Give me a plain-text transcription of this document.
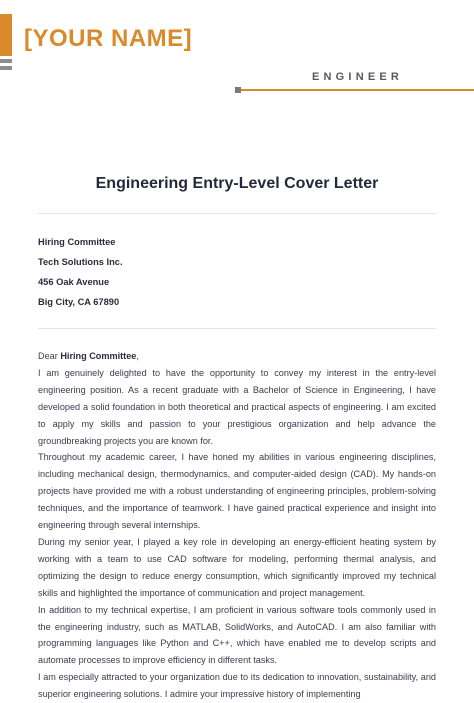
[YOUR NAME]
ENGINEER
Engineering Entry-Level Cover Letter
Hiring Committee
Tech Solutions Inc.
456 Oak Avenue
Big City, CA 67890

Dear Hiring Committee,

I am genuinely delighted to have the opportunity to convey my interest in the entry-level engineering position. As a recent graduate with a Bachelor of Science in Engineering, I have developed a solid foundation in both theoretical and practical aspects of engineering. I am excited to apply my skills and passion to your prestigious organization and help advance the groundbreaking projects you are known for.

Throughout my academic career, I have honed my abilities in various engineering disciplines, including mechanical design, thermodynamics, and computer-aided design (CAD). My hands-on projects have provided me with a robust understanding of engineering principles, problem-solving techniques, and the importance of teamwork. I have gained practical experience and insight into engineering through several internships.

During my senior year, I played a key role in developing an energy-efficient heating system by working with a team to use CAD software for modeling, performing thermal analysis, and optimizing the design to reduce energy consumption, which significantly improved my technical skills and highlighted the importance of communication and project management.

In addition to my technical expertise, I am proficient in various software tools commonly used in the engineering industry, such as MATLAB, SolidWorks, and AutoCAD. I am also familiar with programming languages like Python and C++, which have enabled me to develop scripts and automate processes to improve efficiency in different tasks.

I am especially attracted to your organization due to its dedication to innovation, sustainability, and superior engineering solutions. I admire your impressive history of implementing
